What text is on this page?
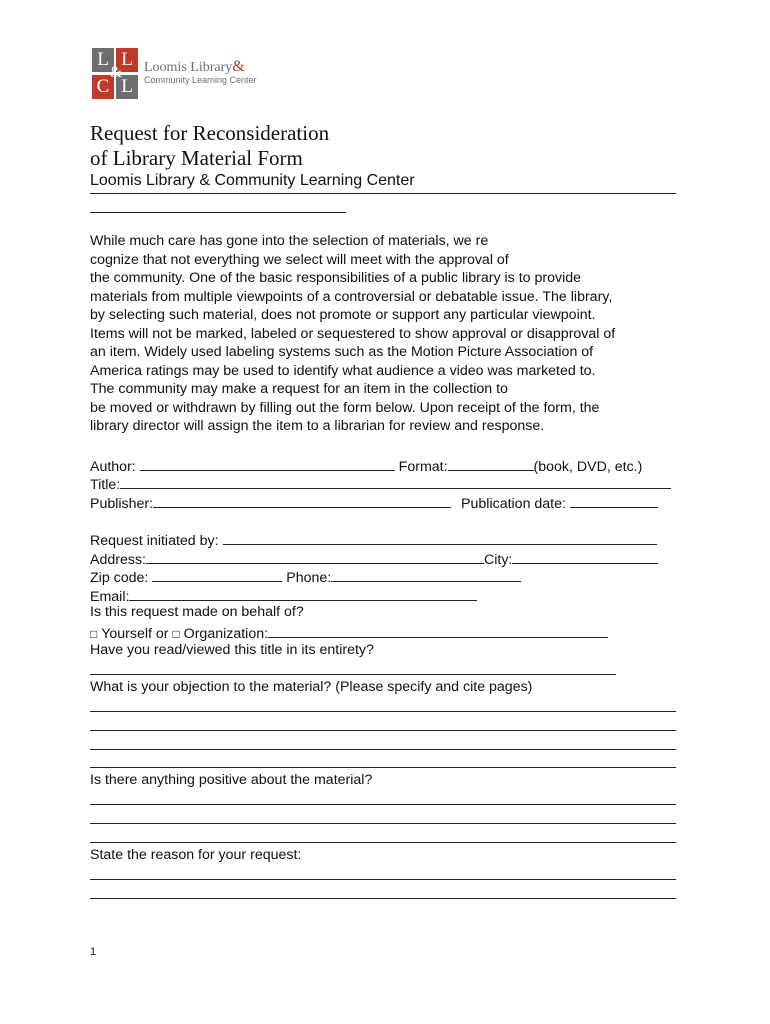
L L
C L
& Loomis Library&
Community Learning Center
Request for Reconsideration
of Library Material Form
Loomis Library & Community Learning Center
While much care has gone into the selection of materials, we re
cognize that not everything we select will meet with the approval of
the community. One of the basic responsibilities of a public library is to provide
materials from multiple viewpoints of a controversial or debatable issue. The library,
by selecting such material, does not promote or support any particular viewpoint.
Items will not be marked, labeled or sequestered to show approval or disapproval of
an item. Widely used labeling systems such as the Motion Picture Association of
America ratings may be used to identify what audience a video was marketed to.
The community may make a request for an item in the collection to
be moved or withdrawn by filling out the form below. Upon receipt of the form, the
library director will assign the item to a librarian for review and response.
Author:	Format:	(book, DVD, etc.)
Title:
Publisher:	Publication date:
Request initiated by:
Address:	City:
Zip code:	Phone:
Email:
Is this request made on behalf of?
□ Yourself or □ Organization:
Have you read/viewed this title in its entirety?
What is your objection to the material? (Please specify and cite pages)
Is there anything positive about the material?
State the reason for your request:
1
